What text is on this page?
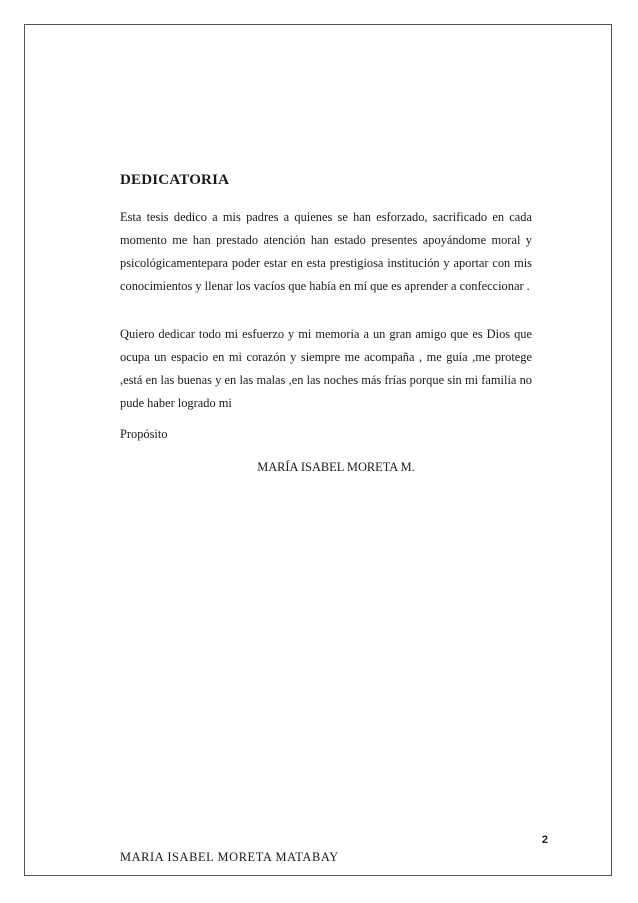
DEDICATORIA

Esta tesis dedico a mis padres a quienes se han esforzado, sacrificado en cada momento me han prestado atención han estado presentes apoyándome moral y psicológicamentepara poder estar en esta prestigiosa institución y aportar con mis conocimientos y llenar los vacíos que había en mí que es aprender a confeccionar .

Quiero dedicar todo mi esfuerzo y mi memoria a un gran amigo que es Dios que ocupa un espacio en mi corazón y siempre me acompaña , me guía ,me protege ,está en las buenas y en las malas ,en las noches más frías porque sin mi familia no pude haber logrado mi

Propósito

MARÍA ISABEL MORETA M.
2
MARIA ISABEL MORETA MATABAY
